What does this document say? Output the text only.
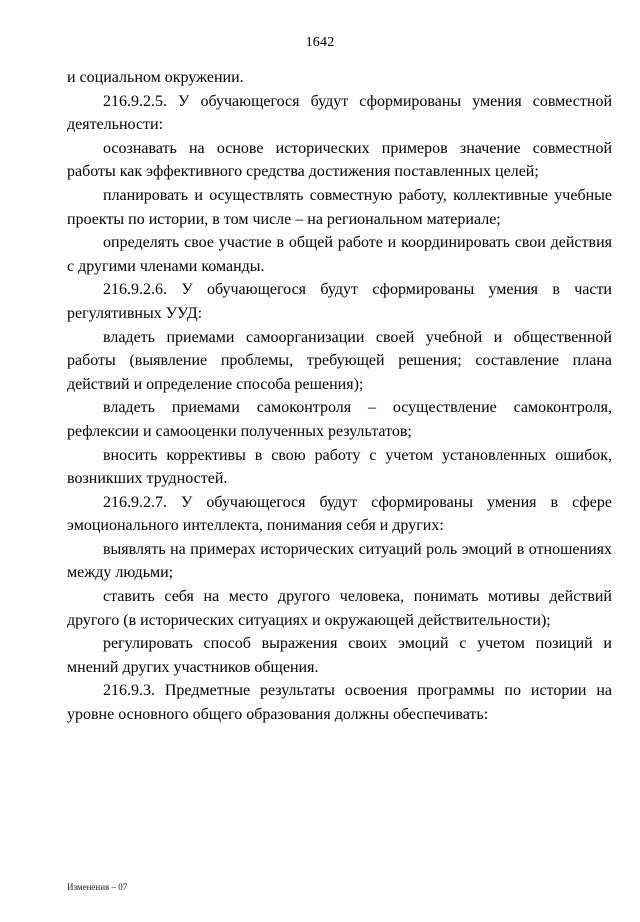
1642

и социальном окружении.

216.9.2.5. У обучающегося будут сформированы умения совместной деятельности:

осознавать на основе исторических примеров значение совместной работы как эффективного средства достижения поставленных целей;

планировать и осуществлять совместную работу, коллективные учебные проекты по истории, в том числе – на региональном материале;

определять свое участие в общей работе и координировать свои действия с другими членами команды.

216.9.2.6. У обучающегося будут сформированы умения в части регулятивных УУД:

владеть приемами самоорганизации своей учебной и общественной работы (выявление проблемы, требующей решения; составление плана действий и определение способа решения);

владеть приемами самоконтроля – осуществление самоконтроля, рефлексии и самооценки полученных результатов;

вносить коррективы в свою работу с учетом установленных ошибок, возникших трудностей.

216.9.2.7. У обучающегося будут сформированы умения в сфере эмоционального интеллекта, понимания себя и других:

выявлять на примерах исторических ситуаций роль эмоций в отношениях между людьми;

ставить себя на место другого человека, понимать мотивы действий другого (в исторических ситуациях и окружающей действительности);

регулировать способ выражения своих эмоций с учетом позиций и мнений других участников общения.

216.9.3. Предметные результаты освоения программы по истории на уровне основного общего образования должны обеспечивать:

Изменения – 07
